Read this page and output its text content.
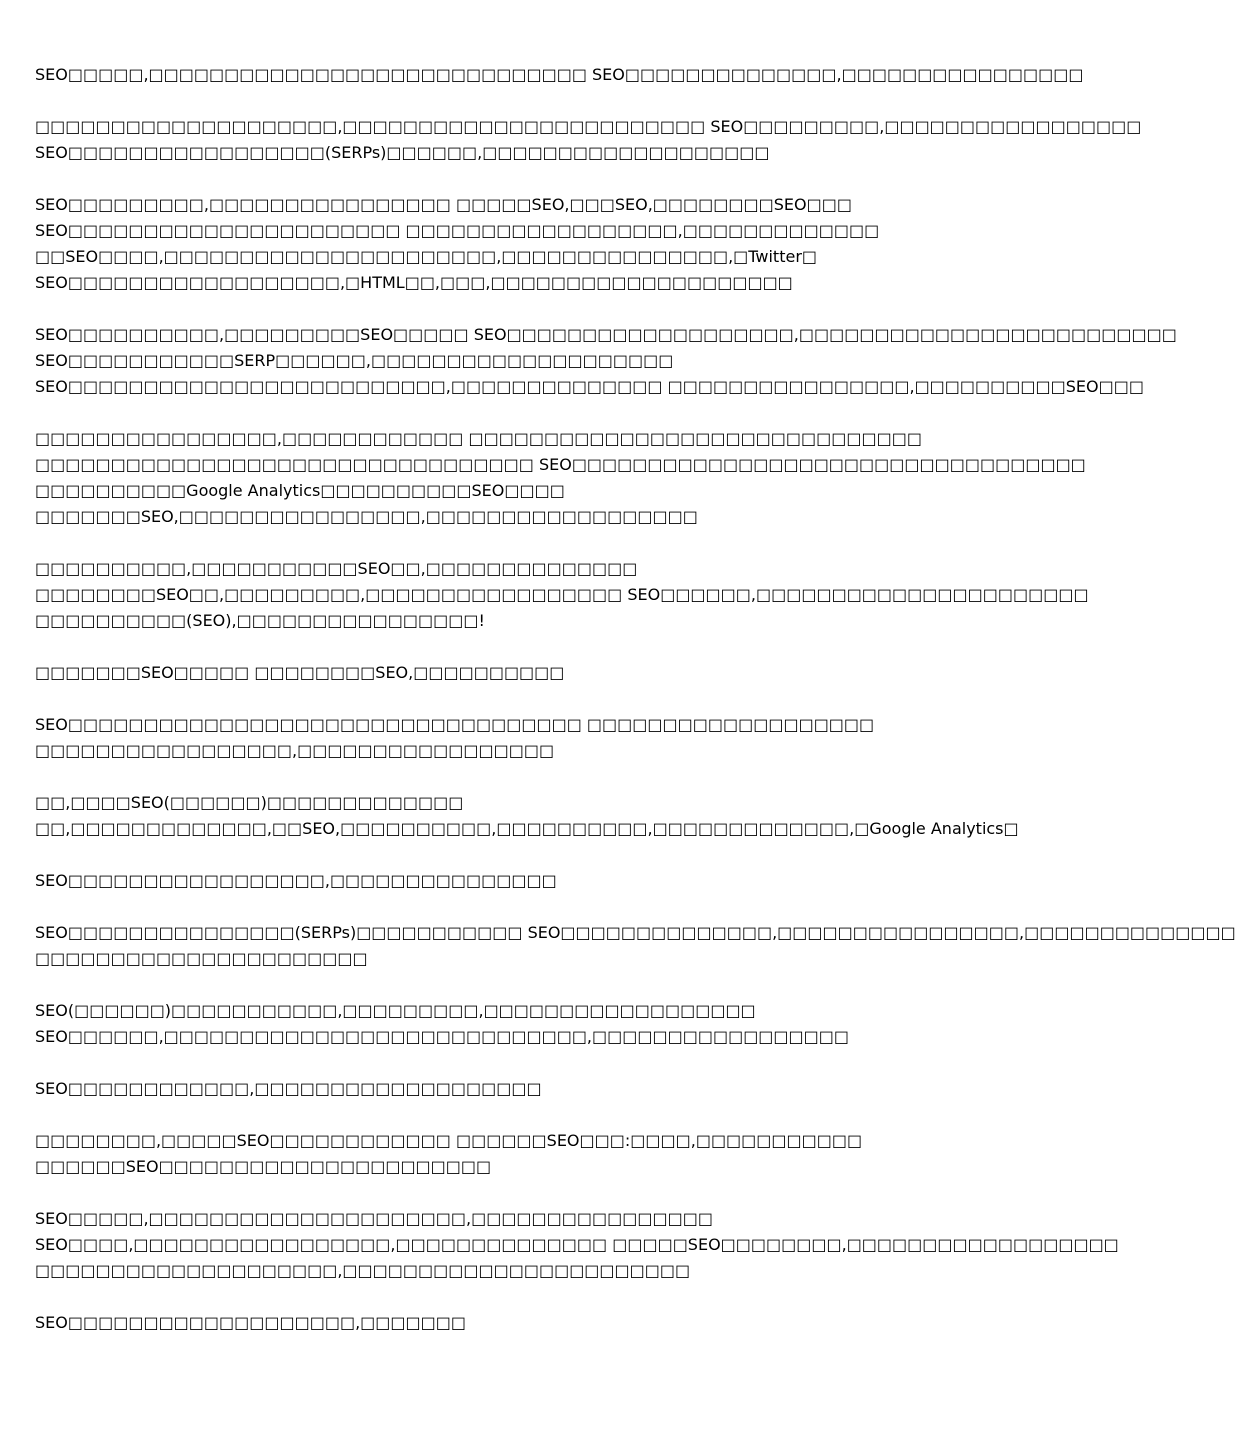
SEO□□□□□,□□□□□□□□□□□□□□□□□□□□□□□□□□□□□ SEO□□□□□□□□□□□□□□,□□□□□□□□□□□□□□□□
□□□□□□□□□□□□□□□□□□□□,□□□□□□□□□□□□□□□□□□□□□□□□ SEO□□□□□□□□□,□□□□□□□□□□□□□□□□□
SEO□□□□□□□□□□□□□□□□□(SERPs)□□□□□□,□□□□□□□□□□□□□□□□□□□
SEO□□□□□□□□□,□□□□□□□□□□□□□□□□ □□□□□SEO,□□□SEO,□□□□□□□□SEO□□□
SEO□□□□□□□□□□□□□□□□□□□□□□ □□□□□□□□□□□□□□□□□□,□□□□□□□□□□□□□
□□SEO□□□□,□□□□□□□□□□□□□□□□□□□□□□,□□□□□□□□□□□□□□□,□Twitter□
SEO□□□□□□□□□□□□□□□□□□,□HTML□□,□□□,□□□□□□□□□□□□□□□□□□□□
SEO□□□□□□□□□□,□□□□□□□□□SEO□□□□□ SEO□□□□□□□□□□□□□□□□□□□,□□□□□□□□□□□□□□□□□□□□□□□□□
SEO□□□□□□□□□□□SERP□□□□□□,□□□□□□□□□□□□□□□□□□□□
SEO□□□□□□□□□□□□□□□□□□□□□□□□□,□□□□□□□□□□□□□□ □□□□□□□□□□□□□□□□,□□□□□□□□□□SEO□□□
□□□□□□□□□□□□□□□□,□□□□□□□□□□□□ □□□□□□□□□□□□□□□□□□□□□□□□□□□□□□
□□□□□□□□□□□□□□□□□□□□□□□□□□□□□□□□□ SEO□□□□□□□□□□□□□□□□□□□□□□□□□□□□□□□□□□
□□□□□□□□□□Google Analytics□□□□□□□□□□SEO□□□□
□□□□□□□SEO,□□□□□□□□□□□□□□□□,□□□□□□□□□□□□□□□□□□
□□□□□□□□□□,□□□□□□□□□□□SEO□□,□□□□□□□□□□□□□□
□□□□□□□□SEO□□,□□□□□□□□□,□□□□□□□□□□□□□□□□□ SEO□□□□□□,□□□□□□□□□□□□□□□□□□□□□□
□□□□□□□□□□(SEO),□□□□□□□□□□□□□□□□!
□□□□□□□SEO□□□□□ □□□□□□□□SEO,□□□□□□□□□□
SEO□□□□□□□□□□□□□□□□□□□□□□□□□□□□□□□□□□ □□□□□□□□□□□□□□□□□□□
□□□□□□□□□□□□□□□□□,□□□□□□□□□□□□□□□□□
□□,□□□□SEO(□□□□□□)□□□□□□□□□□□□□
□□,□□□□□□□□□□□□□,□□SEO,□□□□□□□□□□,□□□□□□□□□□,□□□□□□□□□□□□□,□Google Analytics□
SEO□□□□□□□□□□□□□□□□□,□□□□□□□□□□□□□□□
SEO□□□□□□□□□□□□□□□(SERPs)□□□□□□□□□□□ SEO□□□□□□□□□□□□□□,□□□□□□□□□□□□□□□□,□□□□□□□□□□□□□□
□□□□□□□□□□□□□□□□□□□□□□
SEO(□□□□□□)□□□□□□□□□□□,□□□□□□□□□,□□□□□□□□□□□□□□□□□□
SEO□□□□□□,□□□□□□□□□□□□□□□□□□□□□□□□□□□□,□□□□□□□□□□□□□□□□□
SEO□□□□□□□□□□□□,□□□□□□□□□□□□□□□□□□□
□□□□□□□□,□□□□□SEO□□□□□□□□□□□□ □□□□□□SEO□□□:□□□□,□□□□□□□□□□□
□□□□□□SEO□□□□□□□□□□□□□□□□□□□□□□
SEO□□□□□,□□□□□□□□□□□□□□□□□□□□□,□□□□□□□□□□□□□□□□
SEO□□□□,□□□□□□□□□□□□□□□□□,□□□□□□□□□□□□□□ □□□□□SEO□□□□□□□□,□□□□□□□□□□□□□□□□□□
□□□□□□□□□□□□□□□□□□□□,□□□□□□□□□□□□□□□□□□□□□□□
SEO□□□□□□□□□□□□□□□□□□□,□□□□□□□
